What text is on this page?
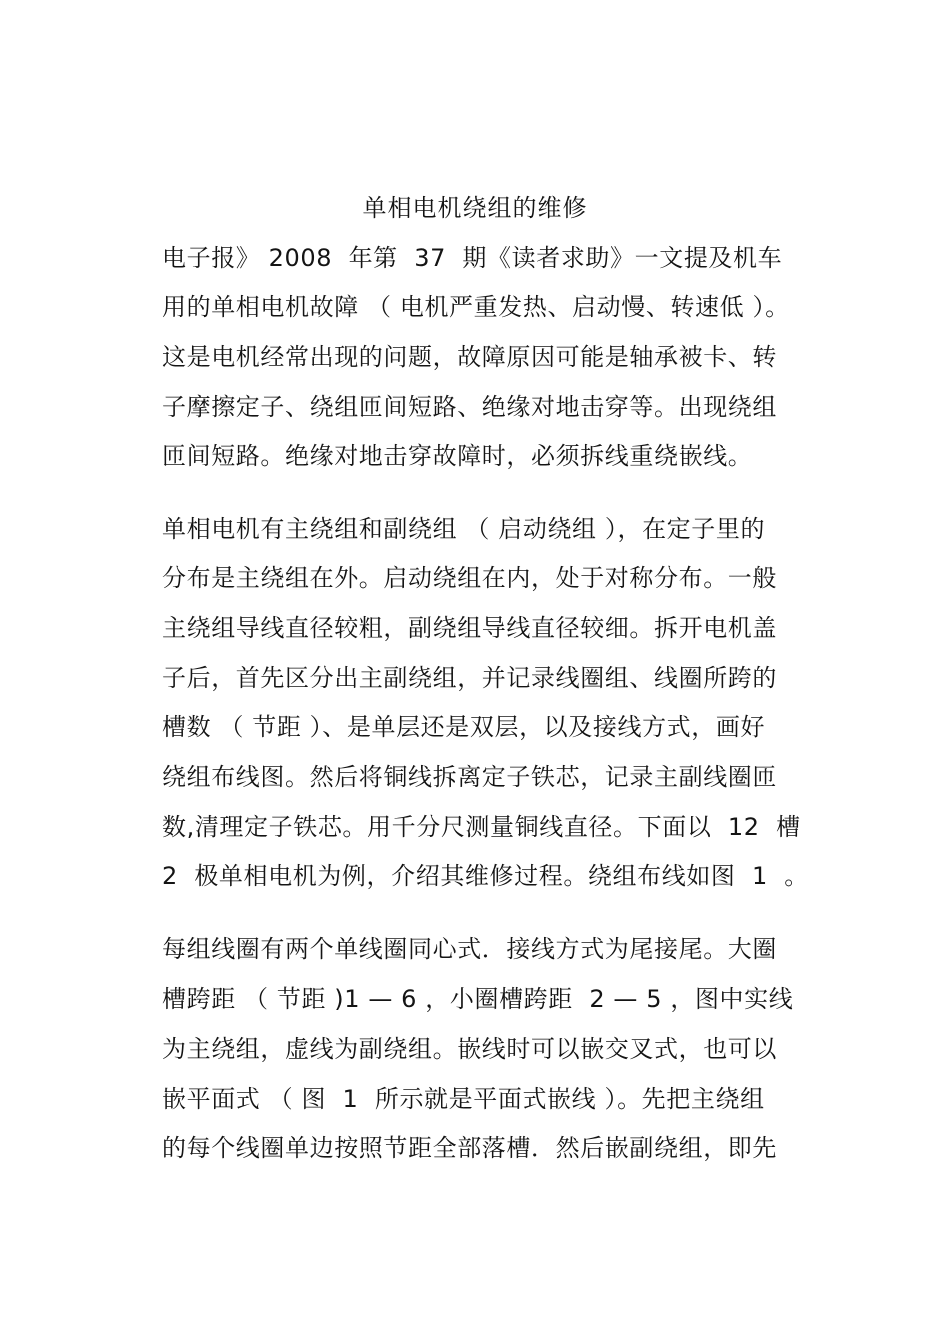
单相电机绕组的维修
电子报》 2008  年第  37  期《读者求助》一文提及机车
用的单相电机故障 （ 电机严重发热、启动慢、转速低 ）。
这是电机经常出现的问题，故障原因可能是轴承被卡、转
子摩擦定子、绕组匝间短路、绝缘对地击穿等。出现绕组
匝间短路。绝缘对地击穿故障时，必须拆线重绕嵌线。
单相电机有主绕组和副绕组 （ 启动绕组 ），在定子里的
分布是主绕组在外。启动绕组在内，处于对称分布。一般
主绕组导线直径较粗，副绕组导线直径较细。拆开电机盖
子后，首先区分出主副绕组，并记录线圈组、线圈所跨的
槽数 （ 节距 ）、是单层还是双层，以及接线方式，画好
绕组布线图。然后将铜线拆离定子铁芯，记录主副线圈匝
数,清理定子铁芯。用千分尺测量铜线直径。下面以  12  槽
2  极单相电机为例，介绍其维修过程。绕组布线如图  1  。
每组线圈有两个单线圈同心式．接线方式为尾接尾。大圈
槽跨距 （ 节距 )1 — 6 ，小圈槽跨距  2 — 5 ，图中实线
为主绕组，虚线为副绕组。嵌线时可以嵌交叉式，也可以
嵌平面式 （ 图  1  所示就是平面式嵌线 ）。先把主绕组
的每个线圈单边按照节距全部落槽．然后嵌副绕组，即先
